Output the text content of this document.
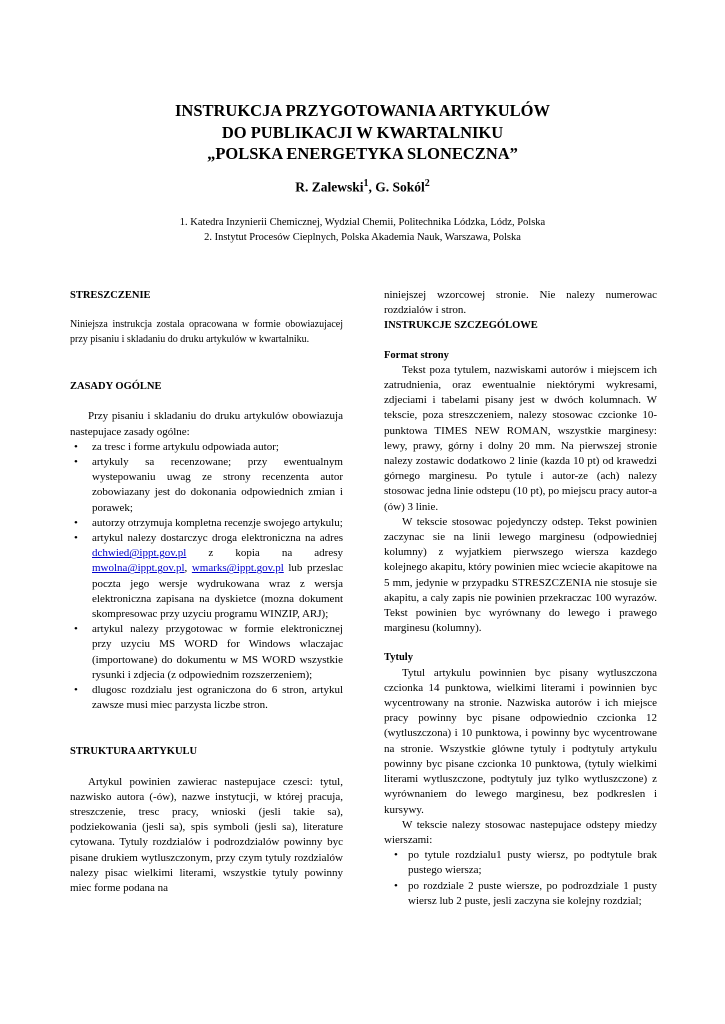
INSTRUKCJA PRZYGOTOWANIA ARTYKULÓW
DO PUBLIKACJI W KWARTALNIKU
„POLSKA ENERGETYKA SLONECZNA”
R. Zalewski$^1$, G. Sokól$^2$
1. Katedra Inzynierii Chemicznej, Wydzial Chemii, Politechnika Lódzka, Lódz, Polska
2. Instytut Procesów Cieplnych, Polska Akademia Nauk, Warszawa, Polska

STRESZCZENIE

Niniejsza instrukcja zostala opracowana w formie obowiazujacej przy pisaniu i skladaniu do druku artykulów w kwartalniku.

ZASADY OGÓLNE

Przy pisaniu i skladaniu do druku artykulów obowiazuja nastepujace zasady ogólne:

• za tresc i forme artykulu odpowiada autor;
• artykuly sa recenzowane; przy ewentualnym wystepowaniu uwag ze strony recenzenta autor zobowiazany jest do dokonania odpowiednich zmian i porawek;
• autorzy otrzymuja kompletna recenzje swojego artykulu;
• artykul nalezy dostarczyc droga elektroniczna na adres dchwied@ippt.gov.pl z kopia na adresy mwolna@ippt.gov.pl, wmarks@ippt.gov.pl lub przeslac poczta jego wersje wydrukowana wraz z wersja elektroniczna zapisana na dyskietce (mozna dokument skompresowac przy uzyciu programu WINZIP, ARJ);
• artykul nalezy przygotowac w formie elektronicznej przy uzyciu MS WORD for Windows wlaczajac (importowane) do dokumentu w MS WORD wszystkie rysunki i zdjecia (z odpowiednim rozszerzeniem);
• dlugosc rozdzialu jest ograniczona do 6 stron, artykul zawsze musi miec parzysta liczbe stron.

STRUKTURA ARTYKULU

Artykul powinien zawierac nastepujace czesci: tytul, nazwisko autora (-ów), nazwe instytucji, w której pracuja, streszczenie, tresc pracy, wnioski (jesli takie sa), podziekowania (jesli sa), spis symboli (jesli sa), literature cytowana. Tytuly rozdzialów i podrozdzialów powinny byc pisane drukiem wytluszczonym, przy czym tytuly rozdzialów nalezy pisac wielkimi literami, wszystkie tytuly powinny miec forme podana na

niniejszej wzorcowej stronie. Nie nalezy numerowac rozdzialów i stron.

INSTRUKCJE SZCZEGÓLOWE

Format strony

Tekst poza tytulem, nazwiskami autorów i miejscem ich zatrudnienia, oraz ewentualnie niektórymi wykresami, zdjeciami i tabelami pisany jest w dwóch kolumnach. W tekscie, poza streszczeniem, nalezy stosowac czcionke 10-punktowa TIMES NEW ROMAN, wszystkie marginesy: lewy, prawy, górny i dolny 20 mm. Na pierwszej stronie nalezy zostawic dodatkowo 2 linie (kazda 10 pt) od krawedzi górnego marginesu. Po tytule i autor-ze (ach) nalezy stosowac jedna linie odstepu (10 pt), po miejscu pracy autor-a (ów) 3 linie.

W tekscie stosowac pojedynczy odstep. Tekst powinien zaczynac sie na linii lewego marginesu (odpowiedniej kolumny) z wyjatkiem pierwszego wiersza kazdego kolejnego akapitu, który powinien miec wciecie akapitowe na 5 mm, jedynie w przypadku STRESZCZENIA nie stosuje sie akapitu, a caly zapis nie powinien przekraczac 100 wyrazów. Tekst powinien byc wyrównany do lewego i prawego marginesu (kolumny).

Tytuly

Tytul artykulu powinnien byc pisany wytluszczona czcionka 14 punktowa, wielkimi literami i powinnien byc wycentrowany na stronie. Nazwiska autorów i ich miejsce pracy powinny byc pisane odpowiednio czcionka 12 (wytluszczona) i 10 punktowa, i powinny byc wycentrowane na stronie. Wszystkie glówne tytuly i podtytuly artykulu powinny byc pisane czcionka 10 punktowa, (tytuly wielkimi literami wytluszczone, podtytuly juz tylko wytluszczone) z wyrównaniem do lewego marginesu, bez podkreslen i kursywy.

W tekscie nalezy stosowac nastepujace odstepy miedzy wierszami:

• po tytule rozdzialu1 pusty wiersz, po podtytule brak pustego wiersza;
• po rozdziale 2 puste wiersze, po podrozdziale 1 pusty wiersz lub 2 puste, jesli zaczyna sie kolejny rozdzial;
